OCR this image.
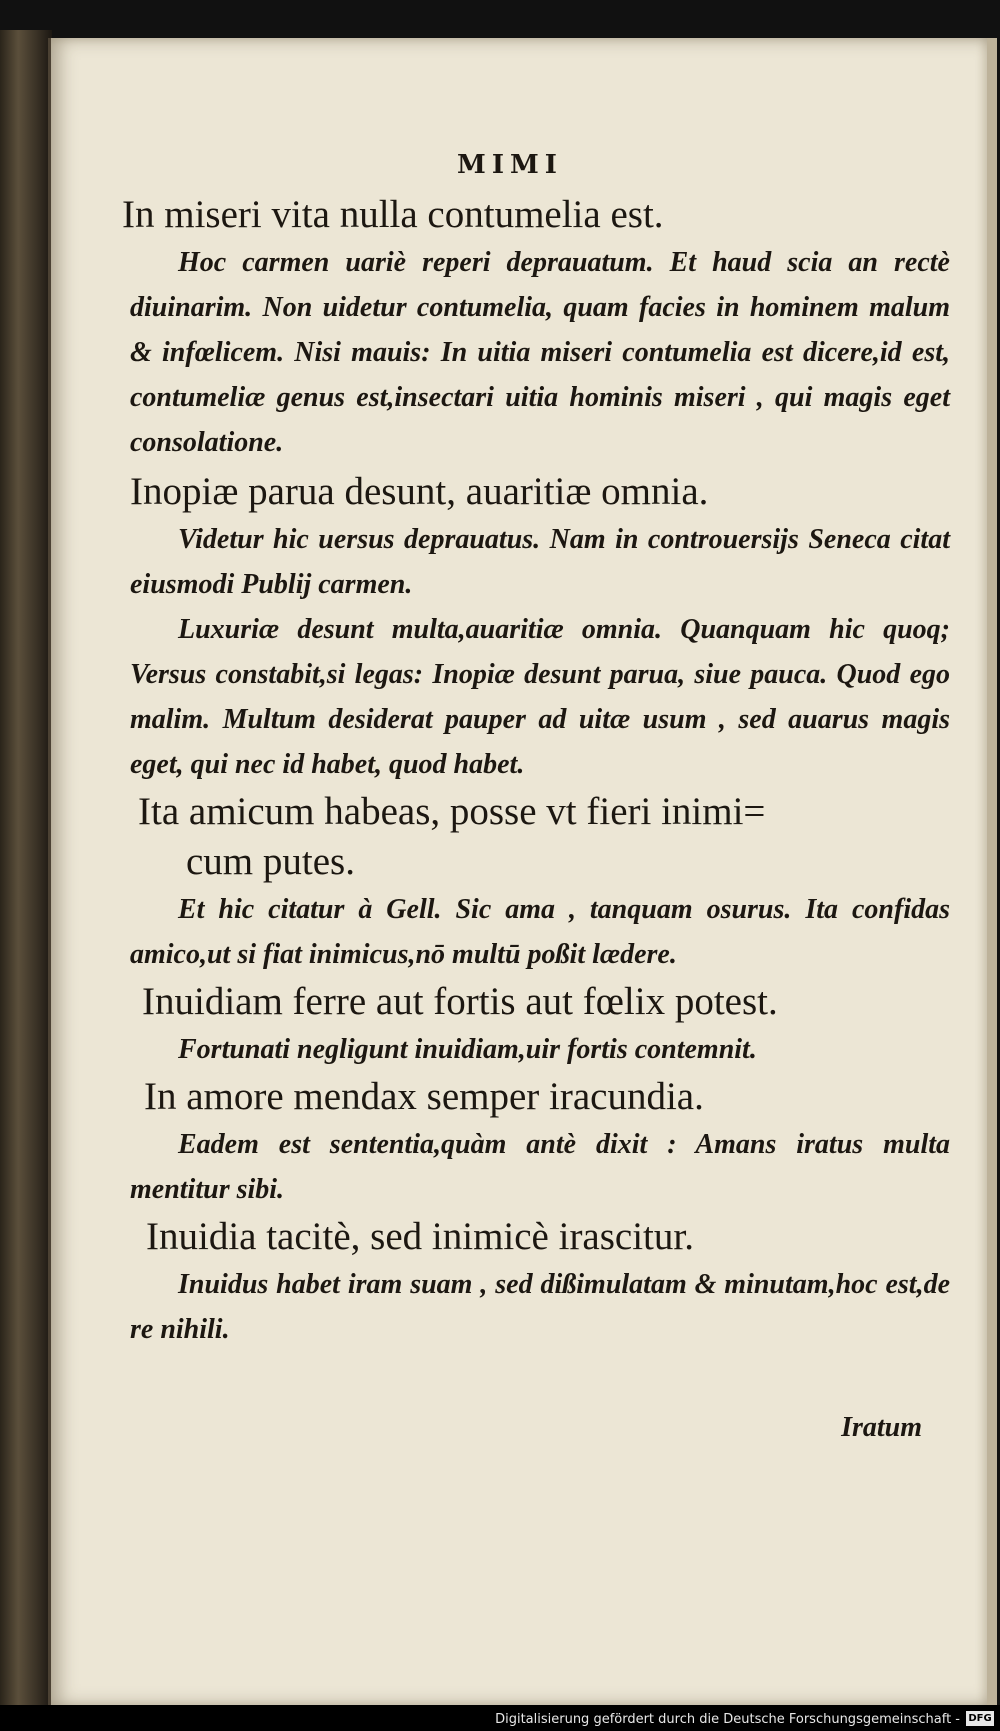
MIMI

In miseri vita nulla contumelia est.

Hoc carmen uariè reperi deprauatum. Et haud scia an rectè diuinarim. Non uidetur contumelia, quam facies in hominem malum & infœlicem. Nisi mauis: In uitia miseri contumelia est dicere,id est, contumeliæ genus est,insectari uitia hominis miseri , qui magis eget consolatione.

Inopiæ parua desunt, auaritiæ omnia.

Videtur hic uersus deprauatus. Nam in controuersijs Seneca citat eiusmodi Publij carmen.

Luxuriæ desunt multa,auaritiæ omnia. Quanquam hic quoq; Versus constabit,si legas: Inopiæ desunt parua, siue pauca. Quod ego malim. Multum desiderat pauper ad uitæ usum , sed auarus magis eget, qui nec id habet, quod habet.

Ita amicum habeas, posse vt fieri inimi=

cum putes.

Et hic citatur à Gell. Sic ama , tanquam osurus. Ita confidas amico,ut si fiat inimicus,nō multū poßit lædere.

Inuidiam ferre aut fortis aut fœlix potest.

Fortunati negligunt inuidiam,uir fortis contemnit.

In amore mendax semper iracundia.

Eadem est sententia,quàm antè dixit : Amans iratus multa mentitur sibi.

Inuidia tacitè, sed inimicè irascitur.

Inuidus habet iram suam , sed dißimulatam & minutam,hoc est,de re nihili.

Iratum
Digitalisierung gefördert durch die Deutsche Forschungsgemeinschaft - DFG
